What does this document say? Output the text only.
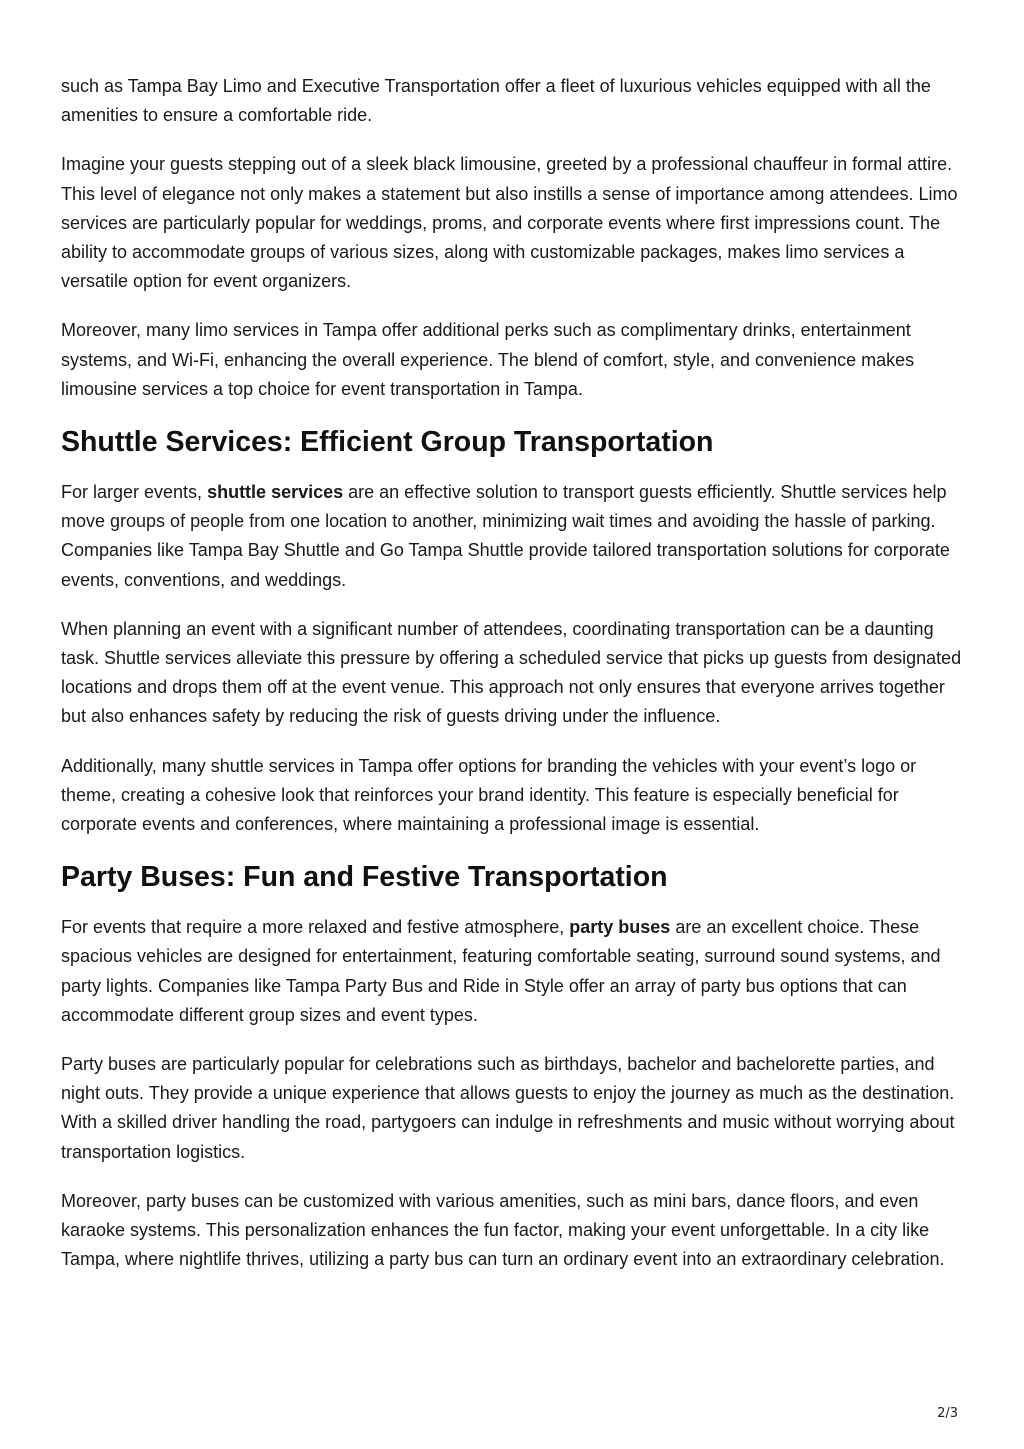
such as Tampa Bay Limo and Executive Transportation offer a fleet of luxurious vehicles equipped with all the amenities to ensure a comfortable ride.

Imagine your guests stepping out of a sleek black limousine, greeted by a professional chauffeur in formal attire. This level of elegance not only makes a statement but also instills a sense of importance among attendees. Limo services are particularly popular for weddings, proms, and corporate events where first impressions count. The ability to accommodate groups of various sizes, along with customizable packages, makes limo services a versatile option for event organizers.

Moreover, many limo services in Tampa offer additional perks such as complimentary drinks, entertainment systems, and Wi-Fi, enhancing the overall experience. The blend of comfort, style, and convenience makes limousine services a top choice for event transportation in Tampa.

Shuttle Services: Efficient Group Transportation

For larger events, shuttle services are an effective solution to transport guests efficiently. Shuttle services help move groups of people from one location to another, minimizing wait times and avoiding the hassle of parking. Companies like Tampa Bay Shuttle and Go Tampa Shuttle provide tailored transportation solutions for corporate events, conventions, and weddings.

When planning an event with a significant number of attendees, coordinating transportation can be a daunting task. Shuttle services alleviate this pressure by offering a scheduled service that picks up guests from designated locations and drops them off at the event venue. This approach not only ensures that everyone arrives together but also enhances safety by reducing the risk of guests driving under the influence.

Additionally, many shuttle services in Tampa offer options for branding the vehicles with your event’s logo or theme, creating a cohesive look that reinforces your brand identity. This feature is especially beneficial for corporate events and conferences, where maintaining a professional image is essential.

Party Buses: Fun and Festive Transportation

For events that require a more relaxed and festive atmosphere, party buses are an excellent choice. These spacious vehicles are designed for entertainment, featuring comfortable seating, surround sound systems, and party lights. Companies like Tampa Party Bus and Ride in Style offer an array of party bus options that can accommodate different group sizes and event types.

Party buses are particularly popular for celebrations such as birthdays, bachelor and bachelorette parties, and night outs. They provide a unique experience that allows guests to enjoy the journey as much as the destination. With a skilled driver handling the road, partygoers can indulge in refreshments and music without worrying about transportation logistics.

Moreover, party buses can be customized with various amenities, such as mini bars, dance floors, and even karaoke systems. This personalization enhances the fun factor, making your event unforgettable. In a city like Tampa, where nightlife thrives, utilizing a party bus can turn an ordinary event into an extraordinary celebration.

2/3
